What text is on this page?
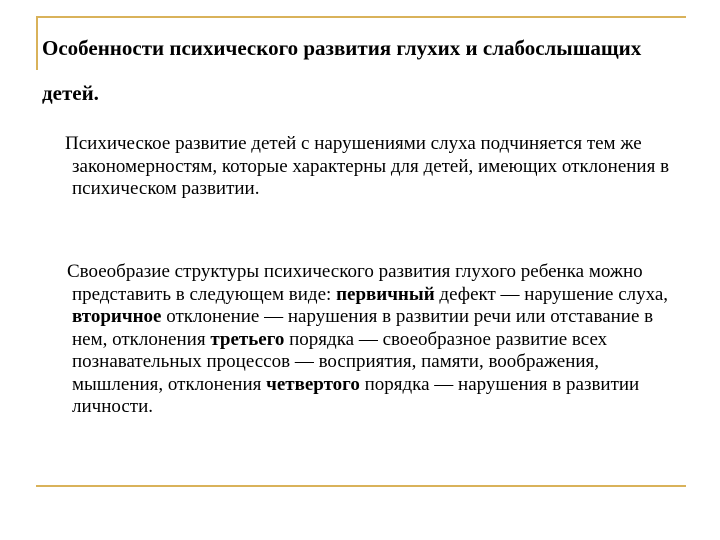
Особенности психического развития глухих и слабослышащих детей.

Психическое развитие детей с нарушениями слуха подчиняется тем же закономерностям, которые характерны для детей, имеющих отклонения в психическом развитии.

Своеобразие структуры психического развития глухого ребенка можно представить в следующем виде: первичный дефект — нарушение слуха, вторичное отклонение — нарушения в развитии речи или отставание в нем, отклонения третьего порядка — своеобразное развитие всех познавательных процессов — восприятия, памяти, воображения, мышления, отклонения четвертого порядка — нарушения в развитии личности.
